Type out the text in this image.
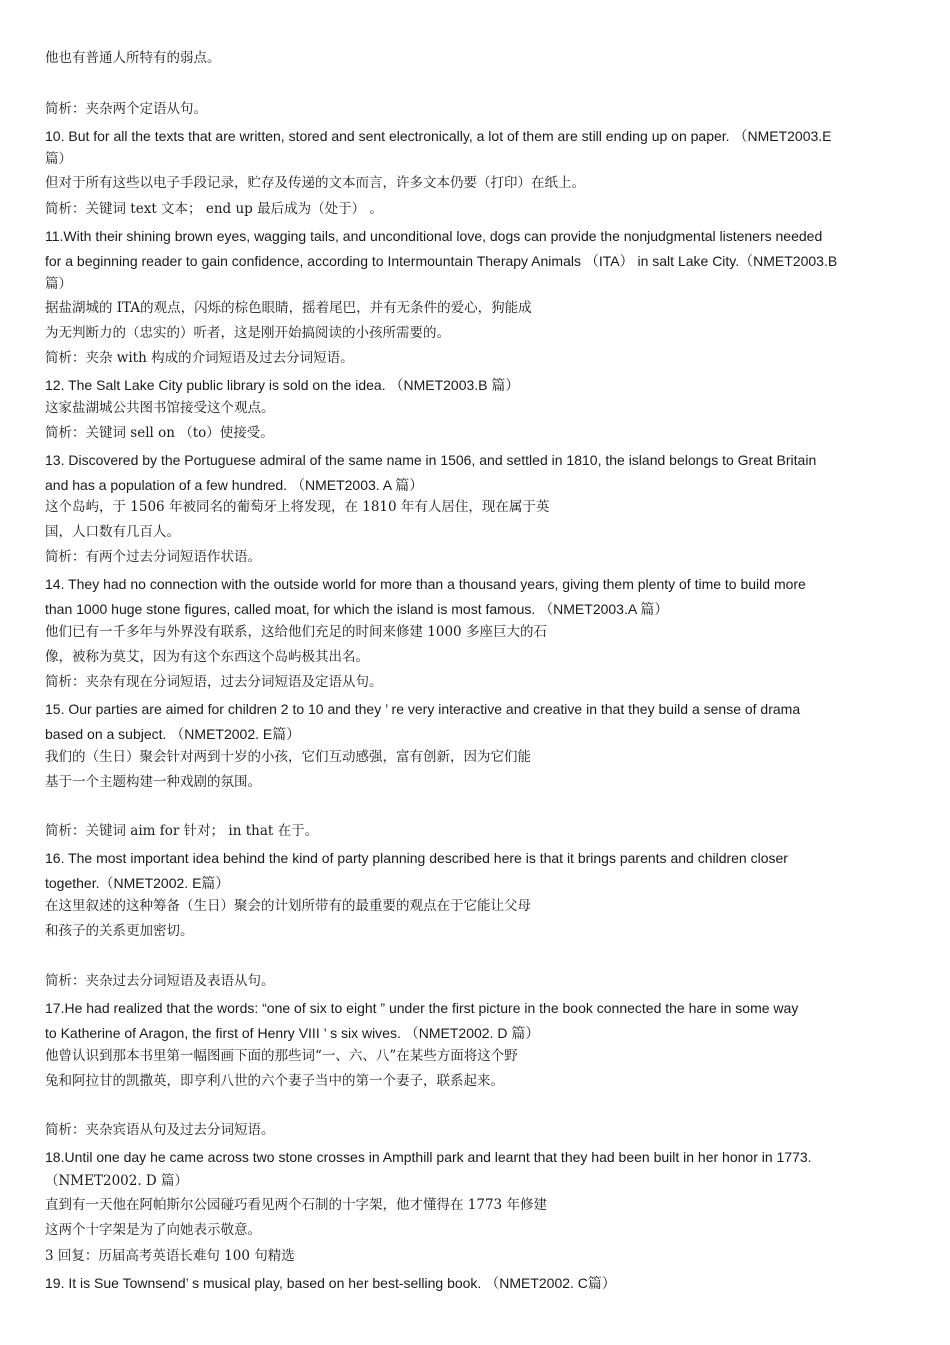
他也有普通人所特有的弱点。
简析：夹杂两个定语从句。
10. But for all the texts that are written, stored and sent electronically, a lot of them are still ending up on paper. （NMET2003.E
篇）
但对于所有这些以电子手段记录，贮存及传递的文本而言，许多文本仍要（打印）在纸上。
简析：关键词 text 文本； end up 最后成为（处于） 。
11.With their shining brown eyes, wagging tails, and unconditional love, dogs can provide the nonjudgmental listeners needed
for a beginning reader to gain confidence, according to Intermountain Therapy Animals （ITA） in salt Lake City.（NMET2003.B
篇）
据盐湖城的 ITA的观点，闪烁的棕色眼睛，摇着尾巴，并有无条件的爱心，狗能成
为无判断力的（忠实的）听者，这是刚开始搞阅读的小孩所需要的。
简析：夹杂 with 构成的介词短语及过去分词短语。
12. The Salt Lake City public library is sold on the idea. （NMET2003.B 篇）
这家盐湖城公共图书馆接受这个观点。
简析：关键词 sell on （to）使接受。
13. Discovered by the Portuguese admiral of the same name in 1506, and settled in 1810, the island belongs to Great Britain
and has a population of a few hundred. （NMET2003. A 篇）
这个岛屿，于 1506 年被同名的葡萄牙上将发现，在 1810 年有人居住，现在属于英
国，人口数有几百人。
简析：有两个过去分词短语作状语。
14. They had no connection with the outside world for more than a thousand years, giving them plenty of time to build more
than 1000 huge stone figures, called moat, for which the island is most famous. （NMET2003.A 篇）
他们已有一千多年与外界没有联系，这给他们充足的时间来修建 1000 多座巨大的石
像，被称为莫艾，因为有这个东西这个岛屿极其出名。
简析：夹杂有现在分词短语，过去分词短语及定语从句。
15. Our parties are aimed for children 2 to 10 and they ’ re very interactive and creative in that they build a sense of drama
based on a subject. （NMET2002. E篇）
我们的（生日）聚会针对两到十岁的小孩，它们互动感强，富有创新，因为它们能
基于一个主题构建一种戏剧的氛围。
简析：关键词 aim for 针对； in that 在于。
16. The most important idea behind the kind of party planning described here is that it brings parents and children closer
together.（NMET2002. E篇）
在这里叙述的这种筹备（生日）聚会的计划所带有的最重要的观点在于它能让父母
和孩子的关系更加密切。
简析：夹杂过去分词短语及表语从句。
17.He had realized that the words: “one of six to eight ” under the first picture in the book connected the hare in some way
to Katherine of Aragon, the first of Henry VIII ’ s six wives. （NMET2002. D 篇）
他曾认识到那本书里第一幅图画下面的那些词“一、六、八”在某些方面将这个野
兔和阿拉甘的凯撒英，即亨利八世的六个妻子当中的第一个妻子，联系起来。
简析：夹杂宾语从句及过去分词短语。
18.Until one day he came across two stone crosses in Ampthill park and learnt that they had been built in her honor in 1773.
（NMET2002. D 篇）
直到有一天他在阿帕斯尔公园碰巧看见两个石制的十字架，他才懂得在 1773 年修建
这两个十字架是为了向她表示敬意。
3 回复：历届高考英语长难句 100 句精选
19. It is Sue Townsend’ s musical play, based on her best-selling book. （NMET2002. C篇）
